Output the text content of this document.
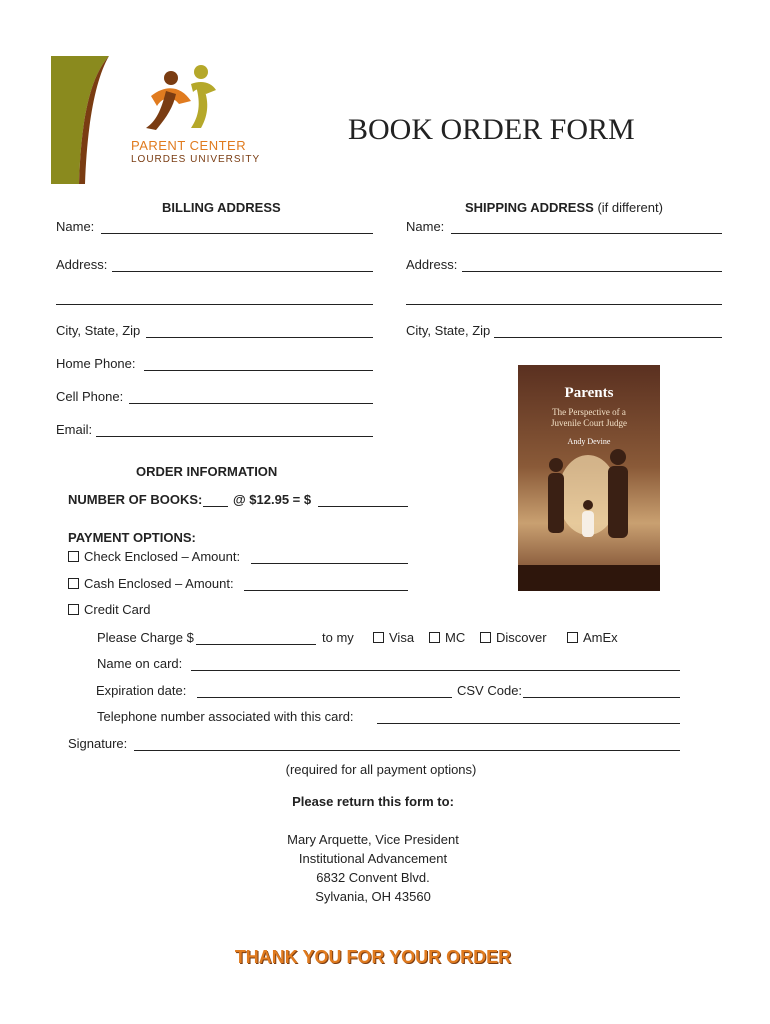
PARENT CENTER
LOURDES UNIVERSITY
BOOK ORDER FORM
BILLING ADDRESS	SHIPPING ADDRESS (if different)
Name:
Address:
City, State, Zip
Home Phone:
Cell Phone:
Email:
Name:
Address:
City, State, Zip
Parents
The Perspective of a
Juvenile Court Judge
Andy Devine
ORDER INFORMATION
NUMBER OF BOOKS: @ $12.95 = $
PAYMENT OPTIONS:
Check Enclosed – Amount:
Cash Enclosed – Amount:
Credit Card
Please Charge $	to my	Visa	MC	Discover	AmEx
Name on card:
Expiration date:	CSV Code:
Telephone number associated with this card:
Signature:
(required for all payment options)
Please return this form to:
Mary Arquette, Vice President
Institutional Advancement
6832 Convent Blvd.
Sylvania, OH 43560
THANK YOU FOR YOUR ORDER
